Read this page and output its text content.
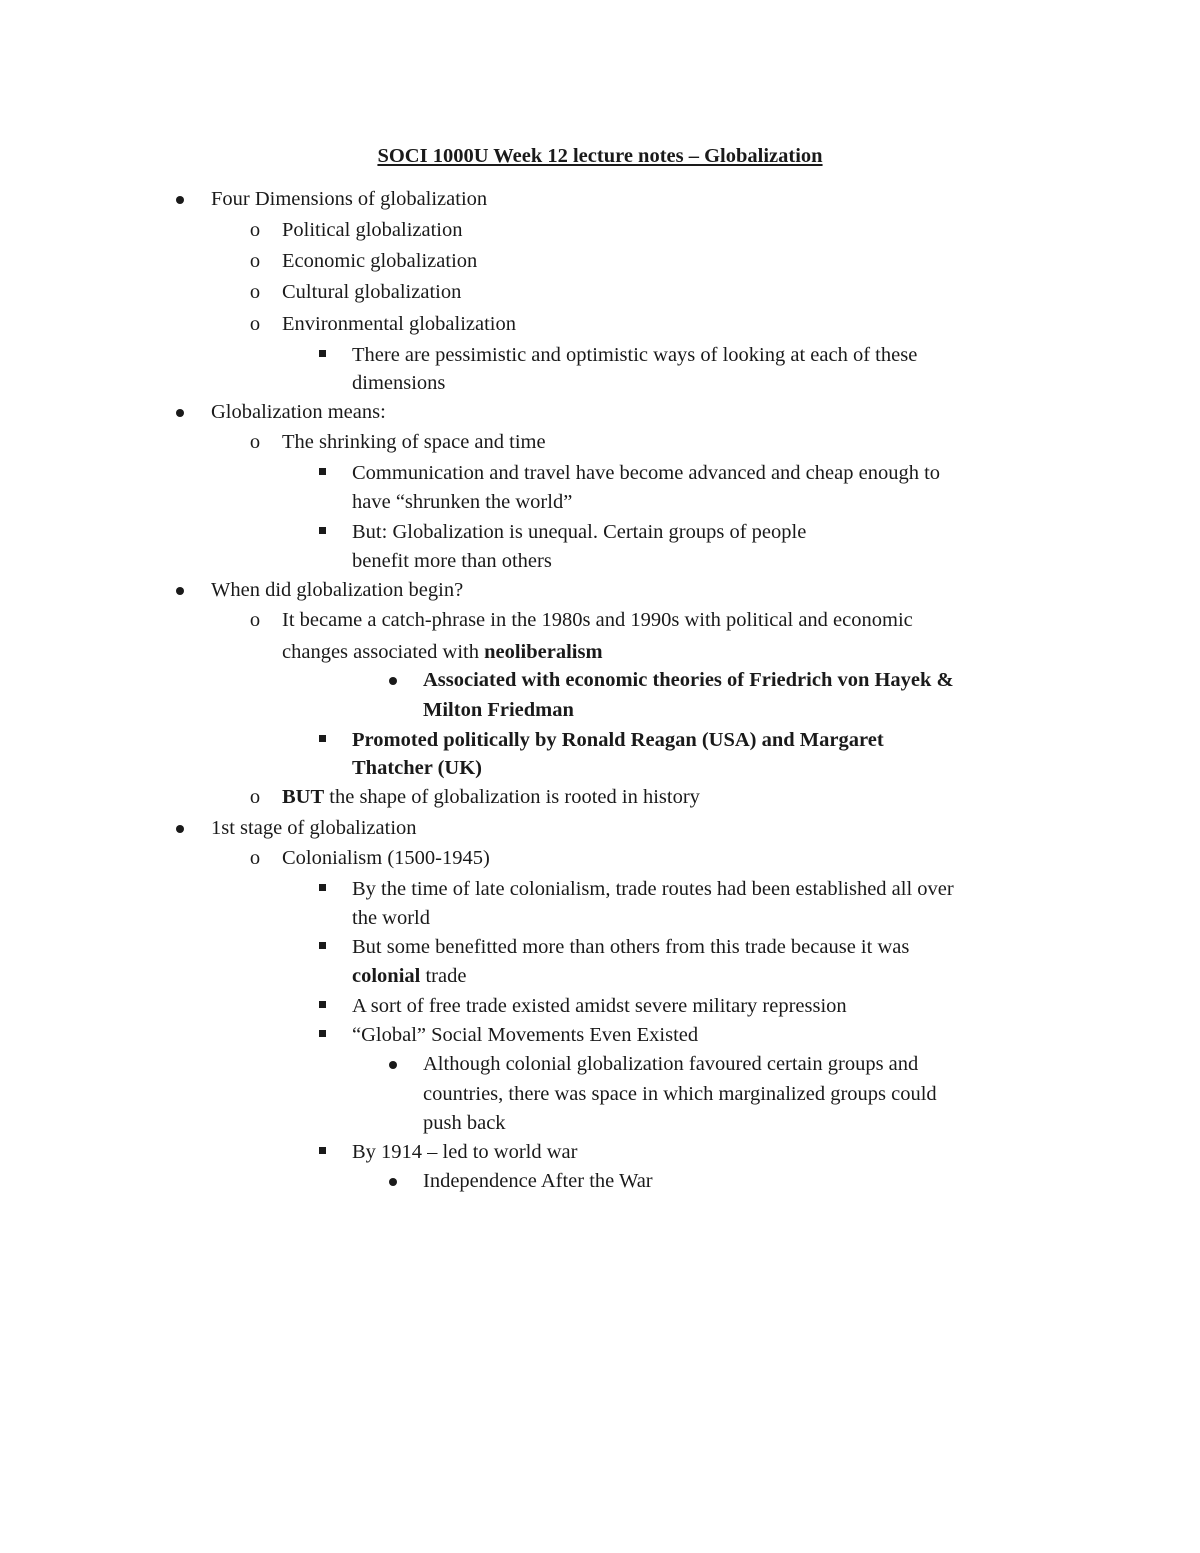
SOCI 1000U Week 12 lecture notes – Globalization
Four Dimensions of globalization
o Political globalization
o Economic globalization
o Cultural globalization
o Environmental globalization
There are pessimistic and optimistic ways of looking at each of these
dimensions
Globalization means:
o The shrinking of space and time
Communication and travel have become advanced and cheap enough to
have “shrunken the world”
But: Globalization is unequal. Certain groups of people
benefit more than others
When did globalization begin?
o It became a catch-phrase in the 1980s and 1990s with political and economic
changes associated with neoliberalism
Associated with economic theories of Friedrich von Hayek &
Milton Friedman
Promoted politically by Ronald Reagan (USA) and Margaret
Thatcher (UK)
o BUT the shape of globalization is rooted in history
1st stage of globalization
o Colonialism (1500-1945)
By the time of late colonialism, trade routes had been established all over
the world
But some benefitted more than others from this trade because it was
colonial trade
A sort of free trade existed amidst severe military repression
“Global” Social Movements Even Existed
Although colonial globalization favoured certain groups and
countries, there was space in which marginalized groups could
push back
By 1914 – led to world war
Independence After the War
